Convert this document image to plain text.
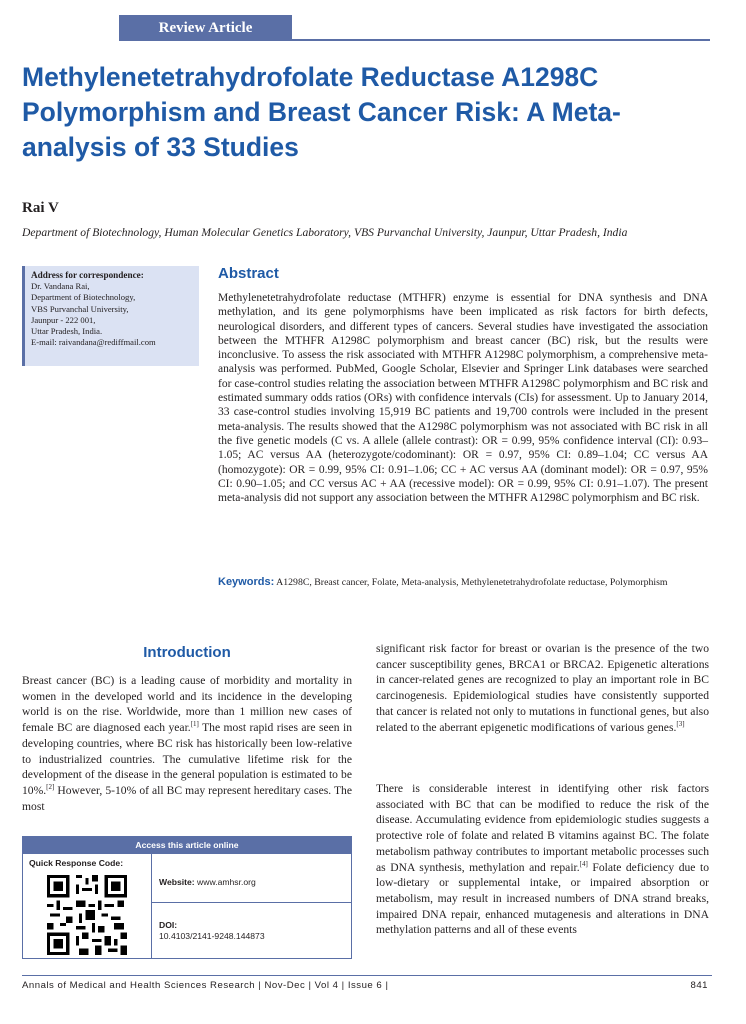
Review Article
Methylenetetrahydrofolate Reductase A1298C Polymorphism and Breast Cancer Risk: A Meta-analysis of 33 Studies
Rai V
Department of Biotechnology, Human Molecular Genetics Laboratory, VBS Purvanchal University, Jaunpur, Uttar Pradesh, India
Address for correspondence:
Dr. Vandana Rai,
Department of Biotechnology,
VBS Purvanchal University,
Jaunpur - 222 001,
Uttar Pradesh, India.
E-mail: raivandana@rediffmail.com
Abstract

Methylenetetrahydrofolate reductase (MTHFR) enzyme is essential for DNA synthesis and DNA methylation, and its gene polymorphisms have been implicated as risk factors for birth defects, neurological disorders, and different types of cancers. Several studies have investigated the association between the MTHFR A1298C polymorphism and breast cancer (BC) risk, but the results were inconclusive. To assess the risk associated with MTHFR A1298C polymorphism, a comprehensive meta-analysis was performed. PubMed, Google Scholar, Elsevier and Springer Link databases were searched for case-control studies relating the association between MTHFR A1298C polymorphism and BC risk and estimated summary odds ratios (ORs) with confidence intervals (CIs) for assessment. Up to January 2014, 33 case-control studies involving 15,919 BC patients and 19,700 controls were included in the present meta-analysis. The results showed that the A1298C polymorphism was not associated with BC risk in all the five genetic models (C vs. A allele (allele contrast): OR = 0.99, 95% confidence interval (CI): 0.93–1.05; AC versus AA (heterozygote/codominant): OR = 0.97, 95% CI: 0.89–1.04; CC versus AA (homozygote): OR = 0.99, 95% CI: 0.91–1.06; CC + AC versus AA (dominant model): OR = 0.97, 95% CI: 0.90–1.05; and CC versus AC + AA (recessive model): OR = 0.99, 95% CI: 0.91–1.07). The present meta-analysis did not support any association between the MTHFR A1298C polymorphism and BC risk.

Keywords: A1298C, Breast cancer, Folate, Meta-analysis, Methylenetetrahydrofolate reductase, Polymorphism
Introduction

Breast cancer (BC) is a leading cause of morbidity and mortality in women in the developed world and its incidence in the developing world is on the rise. Worldwide, more than 1 million new cases of female BC are diagnosed each year.[1] The most rapid rises are seen in developing countries, where BC risk has historically been low-relative to industrialized countries. The cumulative lifetime risk for the development of the disease in the general population is estimated to be 10%.[2] However, 5-10% of all BC may represent hereditary cases. The most

significant risk factor for breast or ovarian is the presence of the two cancer susceptibility genes, BRCA1 or BRCA2. Epigenetic alterations in cancer-related genes are recognized to play an important role in BC carcinogenesis. Epidemiological studies have consistently supported that cancer is related not only to mutations in functional genes, but also related to the aberrant epigenetic modifications of various genes.[3]

There is considerable interest in identifying other risk factors associated with BC that can be modified to reduce the risk of the disease. Accumulating evidence from epidemiologic studies suggests a protective role of folate and related B vitamins against BC. The folate metabolism pathway contributes to important metabolic processes such as DNA synthesis, methylation and repair.[4] Folate deficiency due to low-dietary or supplemental intake, or impaired absorption or metabolism, may result in increased numbers of DNA strand breaks, impaired DNA repair, enhanced mutagenesis and alterations in DNA methylation patterns and all of these events

Access this article online
Quick Response Code:
Website: www.amhsr.org
DOI:
10.4103/2141-9248.144873
Annals of Medical and Health Sciences Research | Nov-Dec | Vol 4 | Issue 6 |	841
